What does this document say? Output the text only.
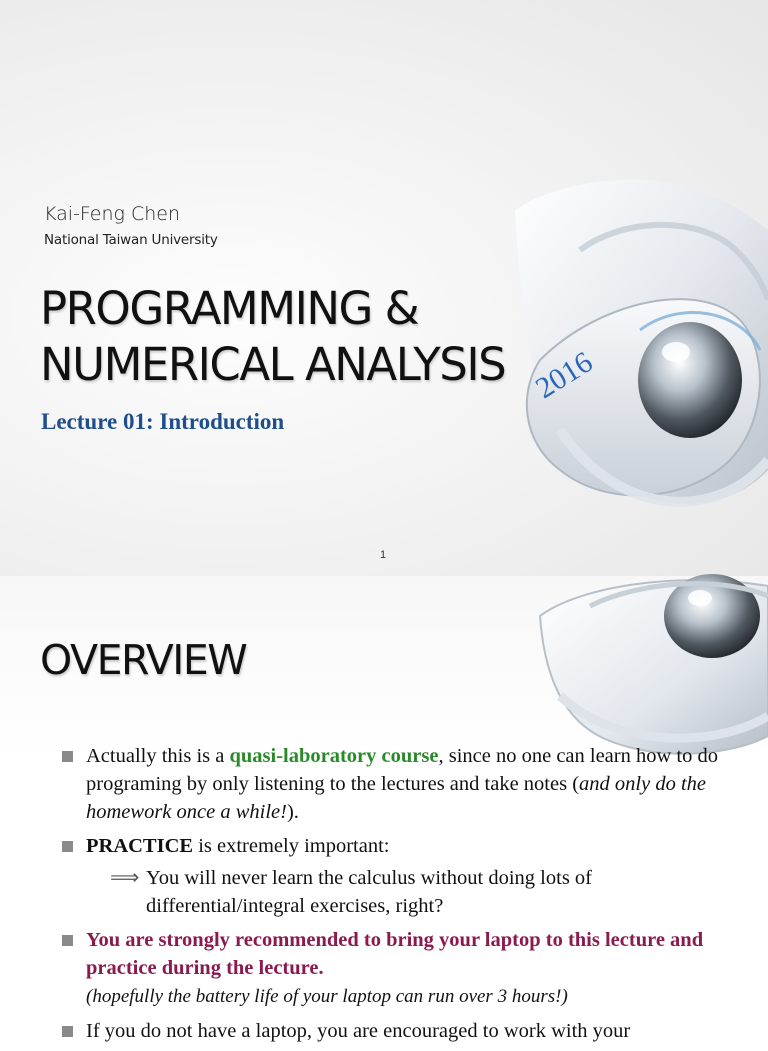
Kai-Feng Chen
National Taiwan University
PROGRAMMING &
NUMERICAL ANALYSIS
Lecture 01: Introduction
2016
1
OVERVIEW
Actually this is a quasi-laboratory course, since no one can learn how to do programing by only listening to the lectures and take notes (and only do the homework once a while!).
PRACTICE is extremely important:
⟹ You will never learn the calculus without doing lots of differential/integral exercises, right?
You are strongly recommended to bring your laptop to this lecture and practice during the lecture.
(hopefully the battery life of your laptop can run over 3 hours!)
If you do not have a laptop, you are encouraged to work with your
